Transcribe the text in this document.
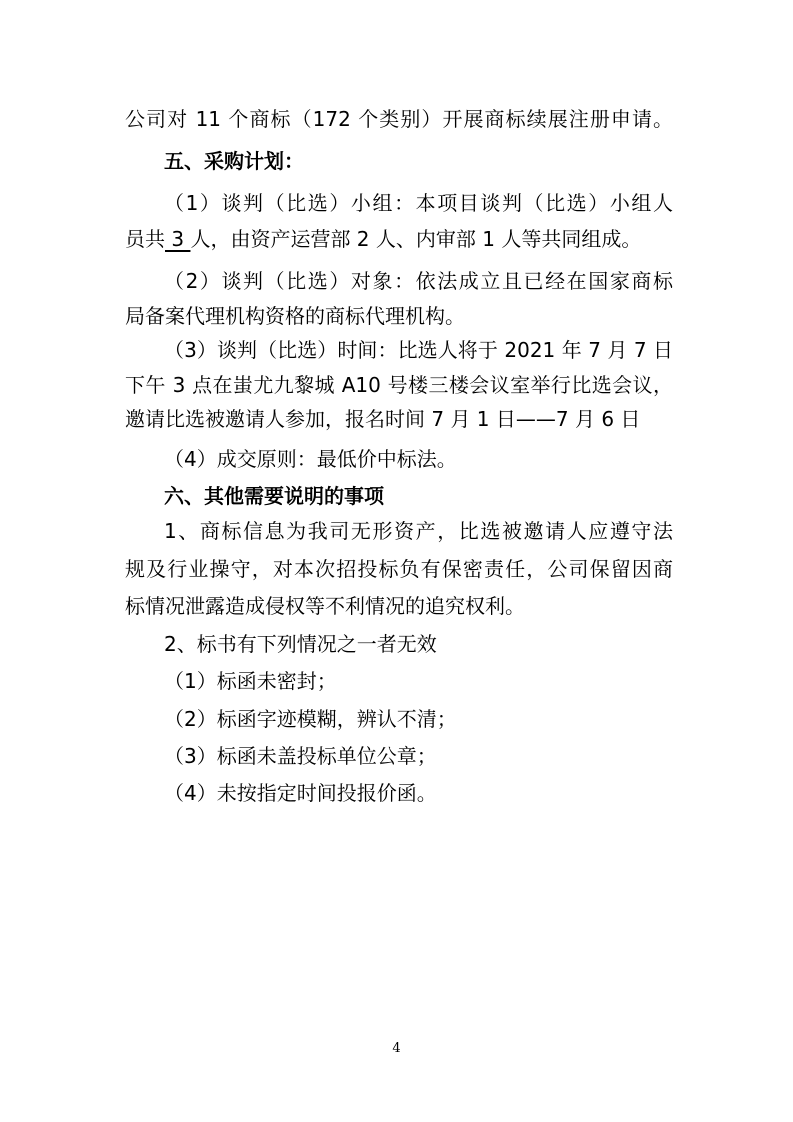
公司对 11 个商标（172 个类别）开展商标续展注册申请。
五、采购计划：
（1）谈判（比选）小组：本项目谈判（比选）小组人
员共 3 人，由资产运营部 2 人、内审部 1 人等共同组成。
（2）谈判（比选）对象：依法成立且已经在国家商标
局备案代理机构资格的商标代理机构。
（3）谈判（比选）时间：比选人将于 2021 年 7 月 7 日
下午 3 点在蚩尤九黎城 A10 号楼三楼会议室举行比选会议，
邀请比选被邀请人参加，报名时间 7 月 1 日——7 月 6 日
（4）成交原则：最低价中标法。
六、其他需要说明的事项
1、商标信息为我司无形资产，比选被邀请人应遵守法
规及行业操守，对本次招投标负有保密责任，公司保留因商
标情况泄露造成侵权等不利情况的追究权利。
2、标书有下列情况之一者无效
（1）标函未密封；
（2）标函字迹模糊，辨认不清；
（3）标函未盖投标单位公章；
（4）未按指定时间投报价函。
4
